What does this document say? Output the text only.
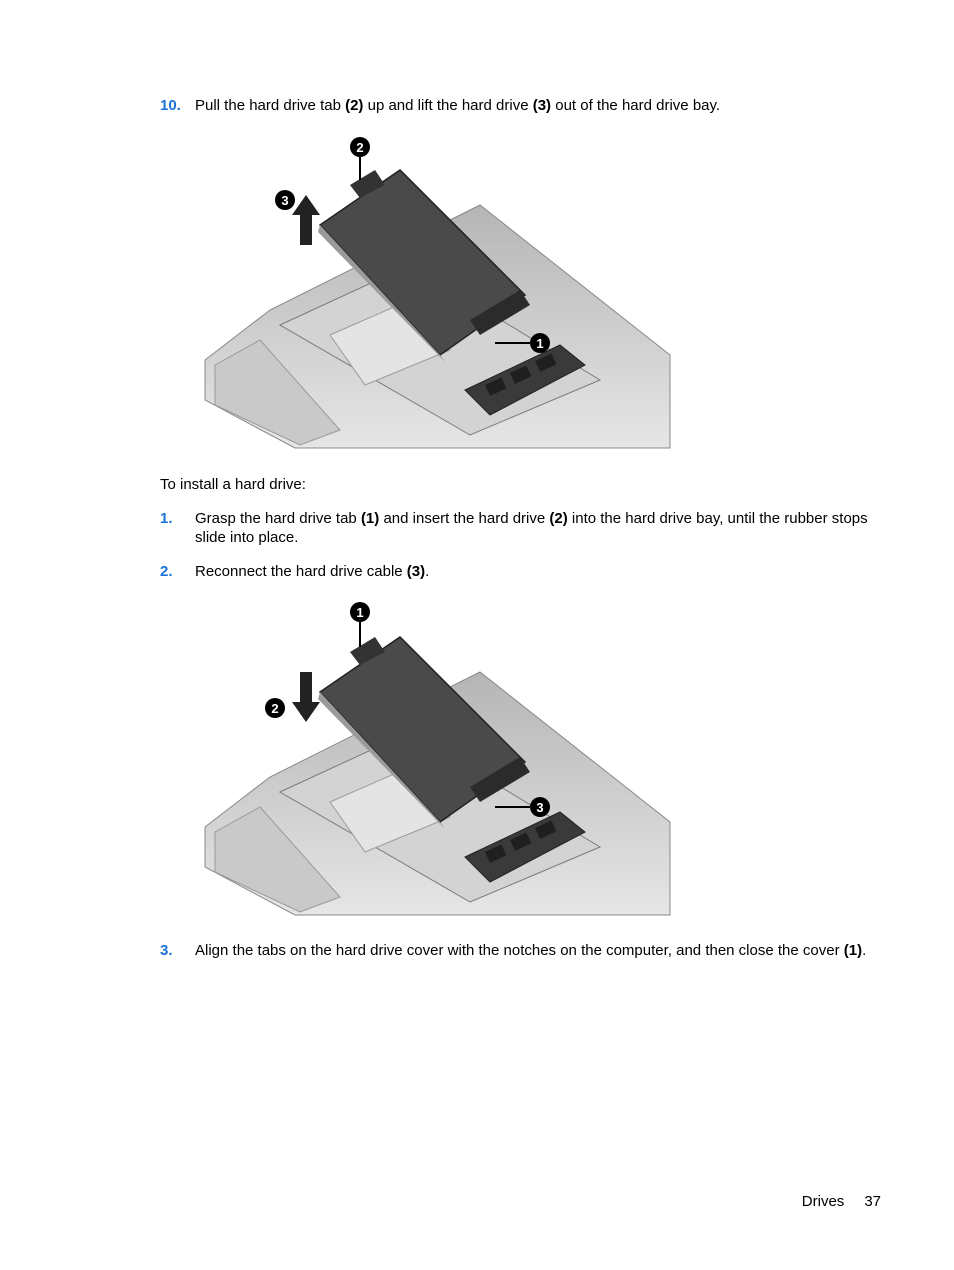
10. Pull the hard drive tab (2) up and lift the hard drive (3) out of the hard drive bay.
2
3
1
To install a hard drive:
1. Grasp the hard drive tab (1) and insert the hard drive (2) into the hard drive bay, until the rubber stops slide into place.
2. Reconnect the hard drive cable (3).
1
2
3
3. Align the tabs on the hard drive cover with the notches on the computer, and then close the cover (1).
Drives 37
